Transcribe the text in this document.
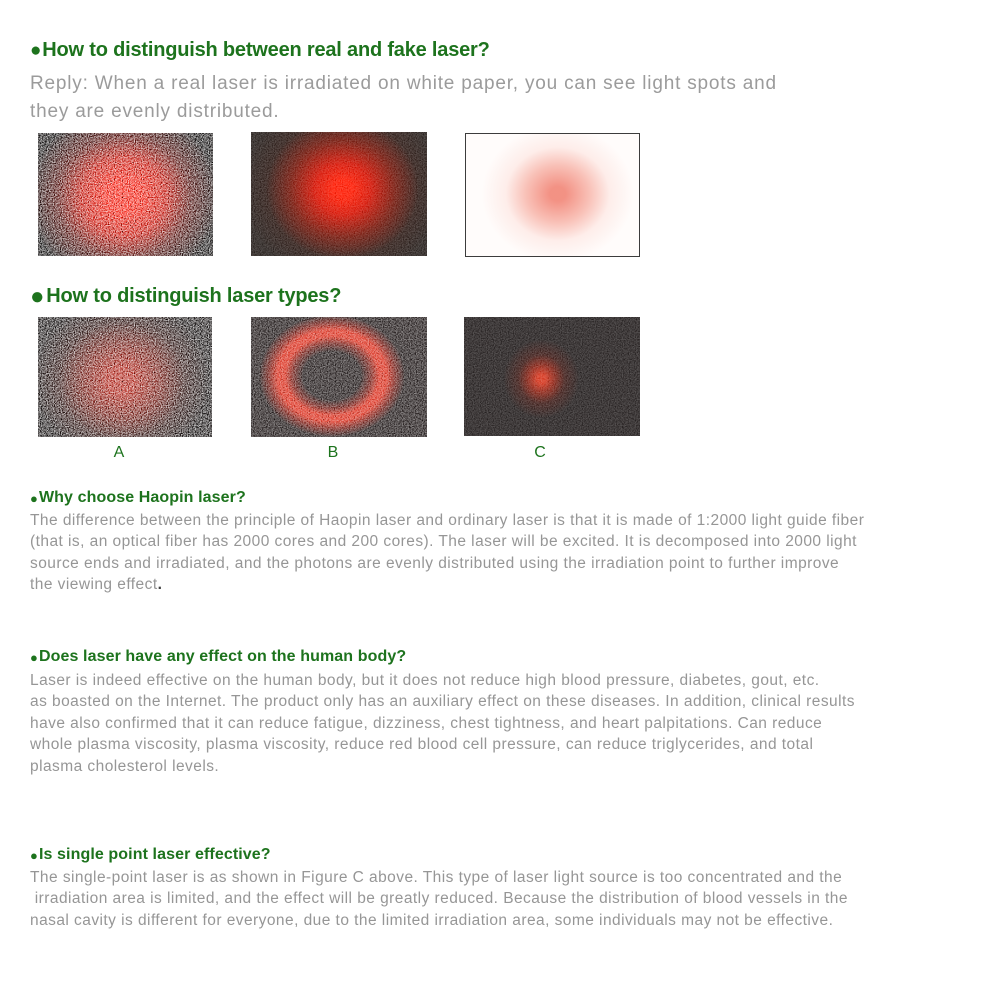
● How to distinguish between real and fake laser?
Reply: When a real laser is irradiated on white paper, you can see light spots and
they are evenly distributed.
● How to distinguish laser types?
A	B	C
● Why choose Haopin laser?
The difference between the principle of Haopin laser and ordinary laser is that it is made of 1:2000 light guide fiber
(that is, an optical fiber has 2000 cores and 200 cores). The laser will be excited. It is decomposed into 2000 light
source ends and irradiated, and the photons are evenly distributed using the irradiation point to further improve
the viewing effect.
● Does laser have any effect on the human body?
Laser is indeed effective on the human body, but it does not reduce high blood pressure, diabetes, gout, etc.
as boasted on the Internet. The product only has an auxiliary effect on these diseases. In addition, clinical results
have also confirmed that it can reduce fatigue, dizziness, chest tightness, and heart palpitations. Can reduce
whole plasma viscosity, plasma viscosity, reduce red blood cell pressure, can reduce triglycerides, and total
plasma cholesterol levels.
● Is single point laser effective?
The single-point laser is as shown in Figure C above. This type of laser light source is too concentrated and the
irradiation area is limited, and the effect will be greatly reduced. Because the distribution of blood vessels in the
nasal cavity is different for everyone, due to the limited irradiation area, some individuals may not be effective.
